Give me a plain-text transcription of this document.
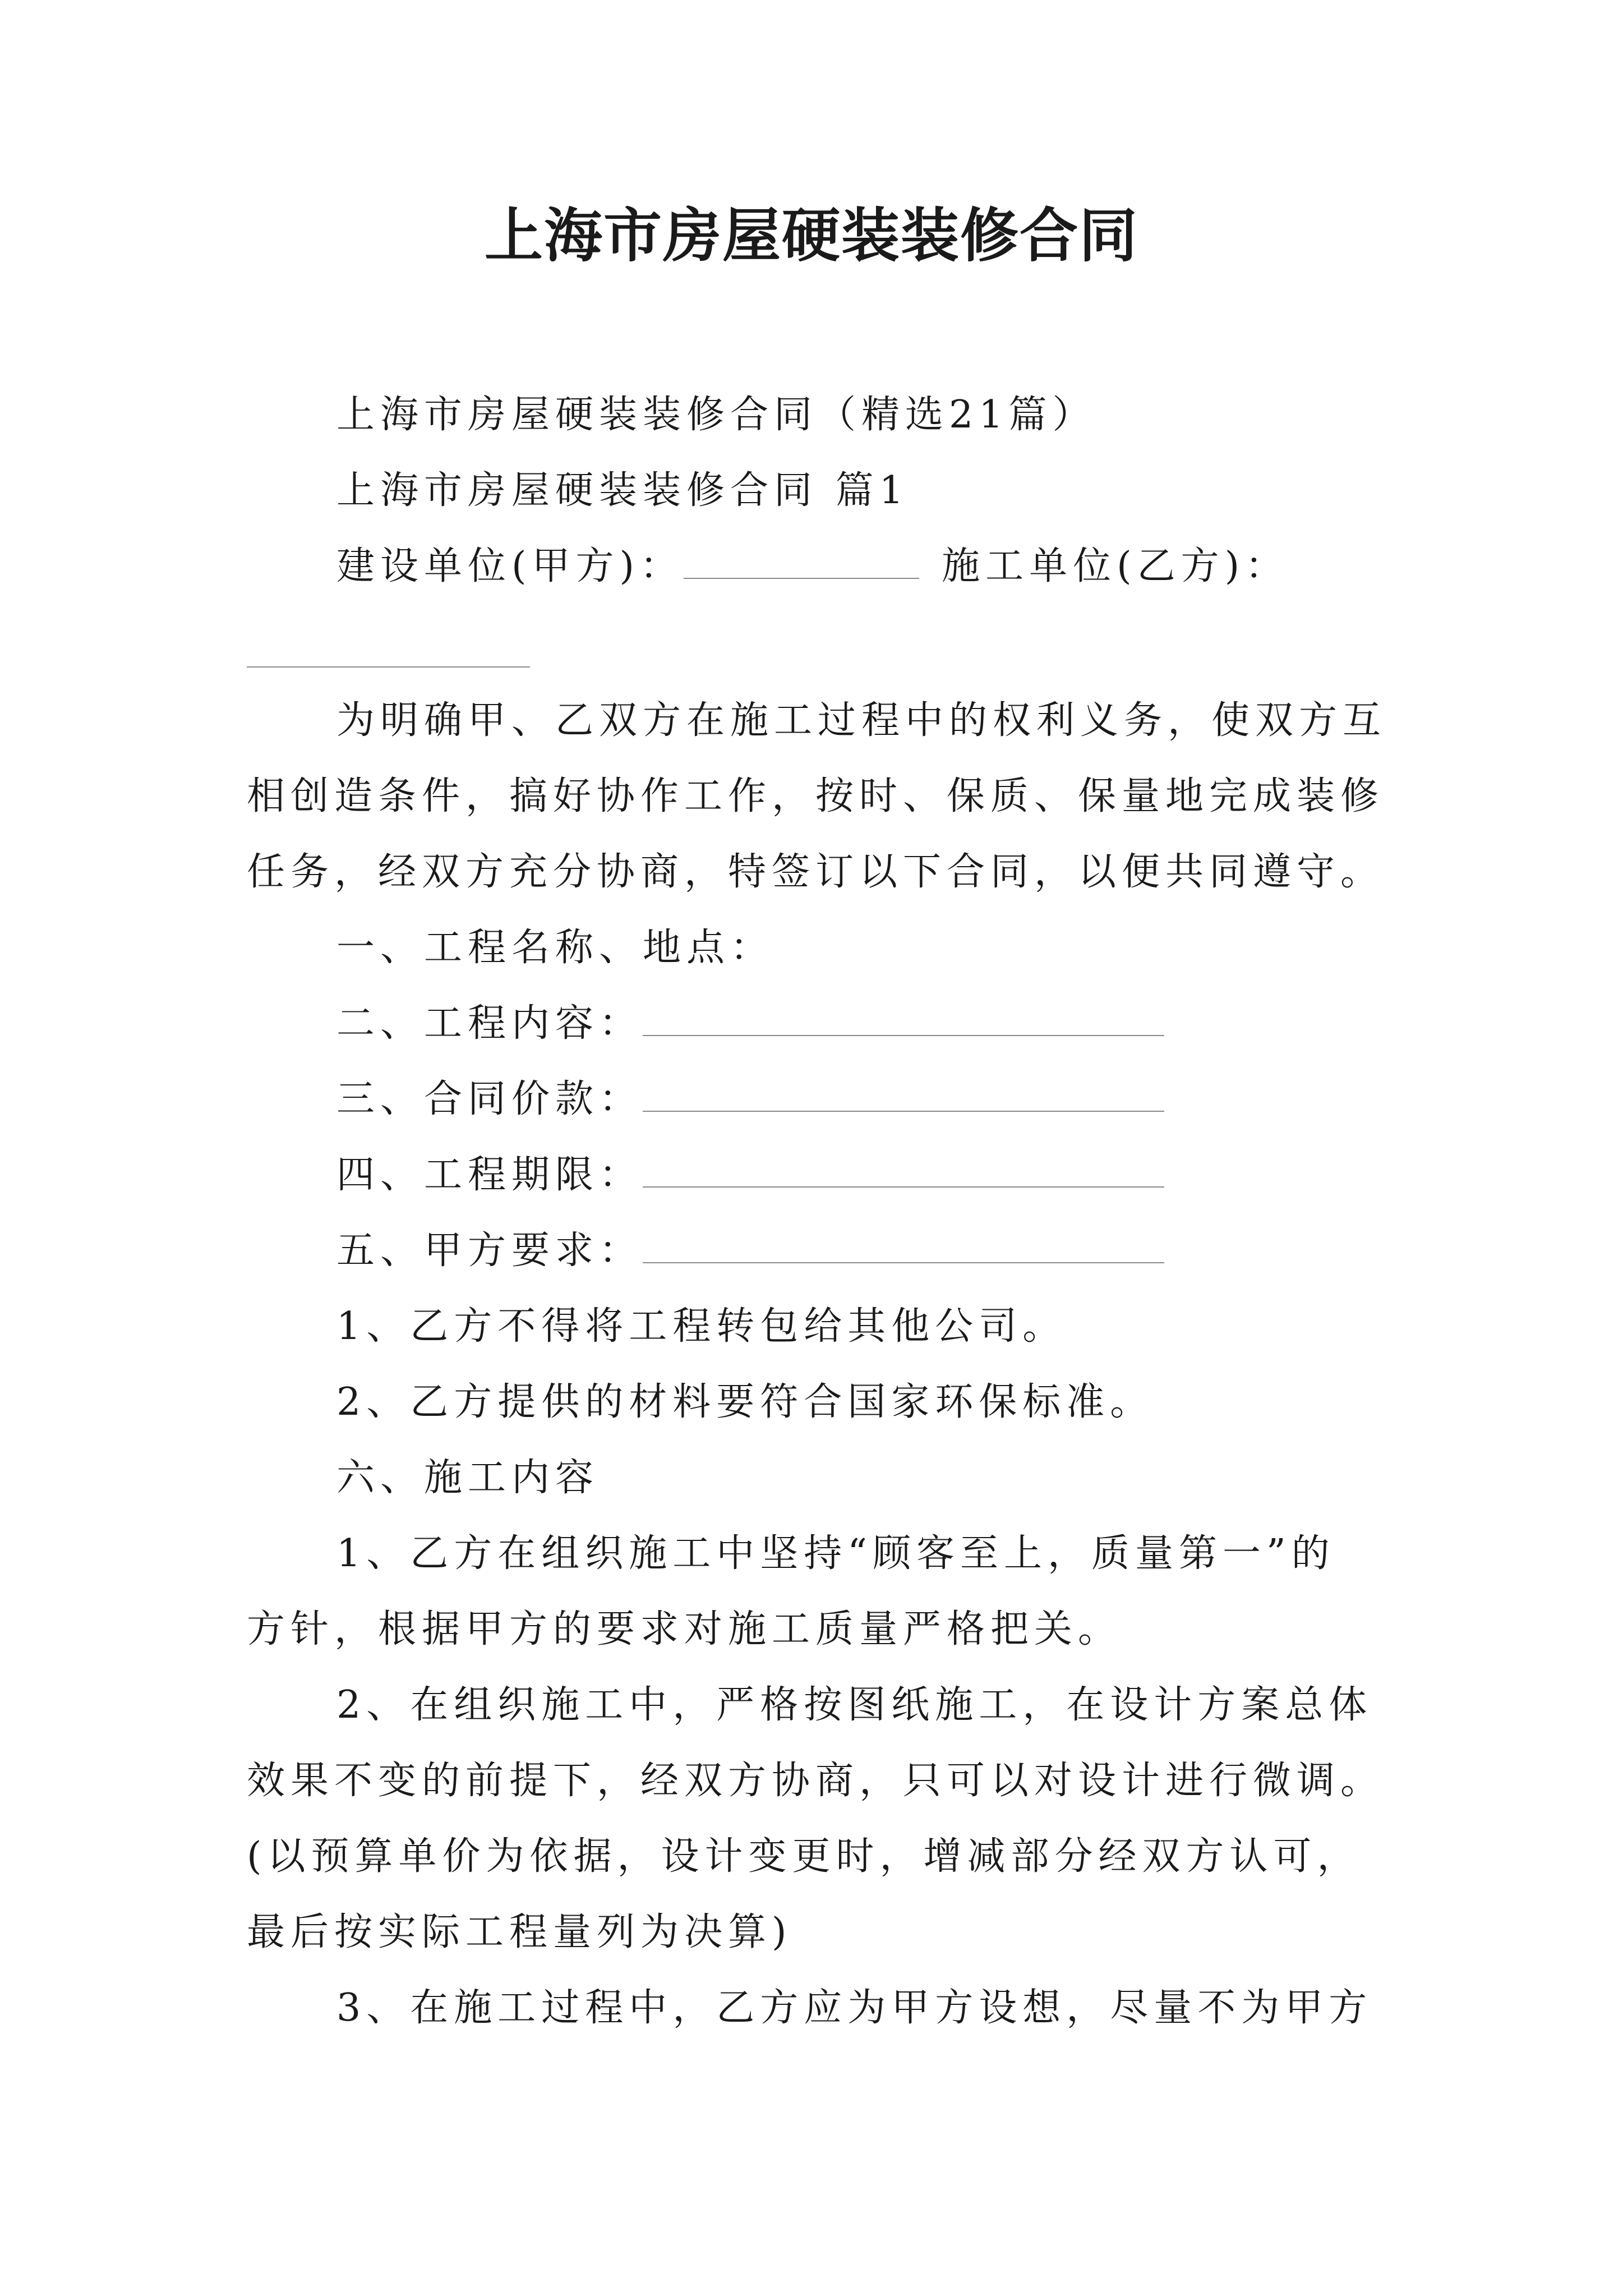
上海市房屋硬装装修合同
上海市房屋硬装装修合同（精选21篇）
上海市房屋硬装装修合同 篇1
建设单位(甲方)：	施工单位(乙方)：
为明确甲、乙双方在施工过程中的权利义务，使双方互
相创造条件，搞好协作工作，按时、保质、保量地完成装修
任务，经双方充分协商，特签订以下合同，以便共同遵守。
一、工程名称、地点：
二、工程内容：
三、合同价款：
四、工程期限：
五、甲方要求：
1、乙方不得将工程转包给其他公司。
2、乙方提供的材料要符合国家环保标准。
六、施工内容
1、乙方在组织施工中坚持“顾客至上，质量第一”的
方针，根据甲方的要求对施工质量严格把关。
2、在组织施工中，严格按图纸施工，在设计方案总体
效果不变的前提下，经双方协商，只可以对设计进行微调。
(以预算单价为依据，设计变更时，增减部分经双方认可，
最后按实际工程量列为决算)
3、在施工过程中，乙方应为甲方设想，尽量不为甲方
